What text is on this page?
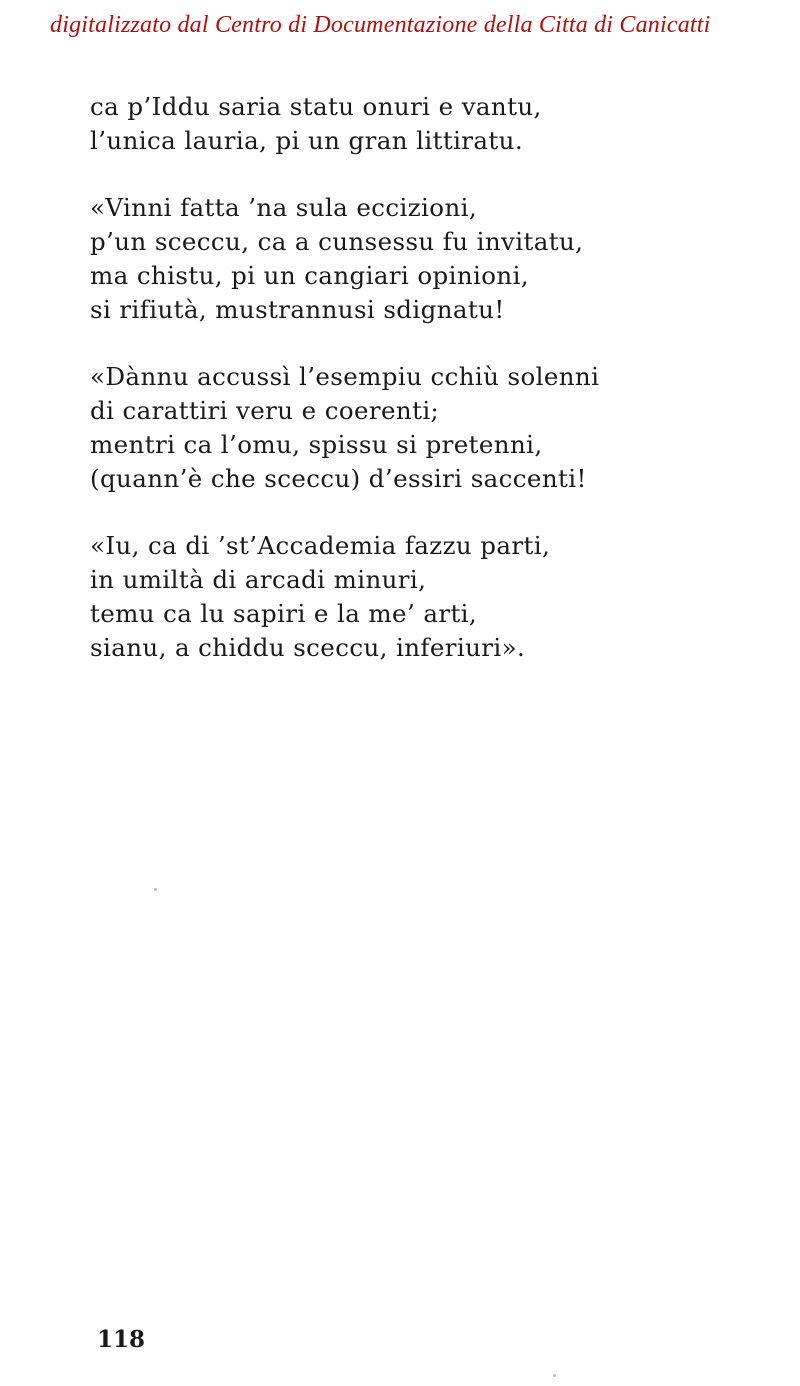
digitalizzato dal Centro di Documentazione della Citta di Canicatti
ca p’Iddu saria statu onuri e vantu,
l’unica lauria, pi un gran littiratu.
«Vinni fatta ’na sula eccizioni,
p’un sceccu, ca a cunsessu fu invitatu,
ma chistu, pi un cangiari opinioni,
si rifiutà, mustrannusi sdignatu!
«Dànnu accussì l’esempiu cchiù solenni
di carattiri veru e coerenti;
mentri ca l’omu, spissu si pretenni,
(quann’è che sceccu) d’essiri saccenti!
«Iu, ca di ’st’Accademia fazzu parti,
in umiltà di arcadi minuri,
temu ca lu sapiri e la me’ arti,
sianu, a chiddu sceccu, inferiuri».
118
